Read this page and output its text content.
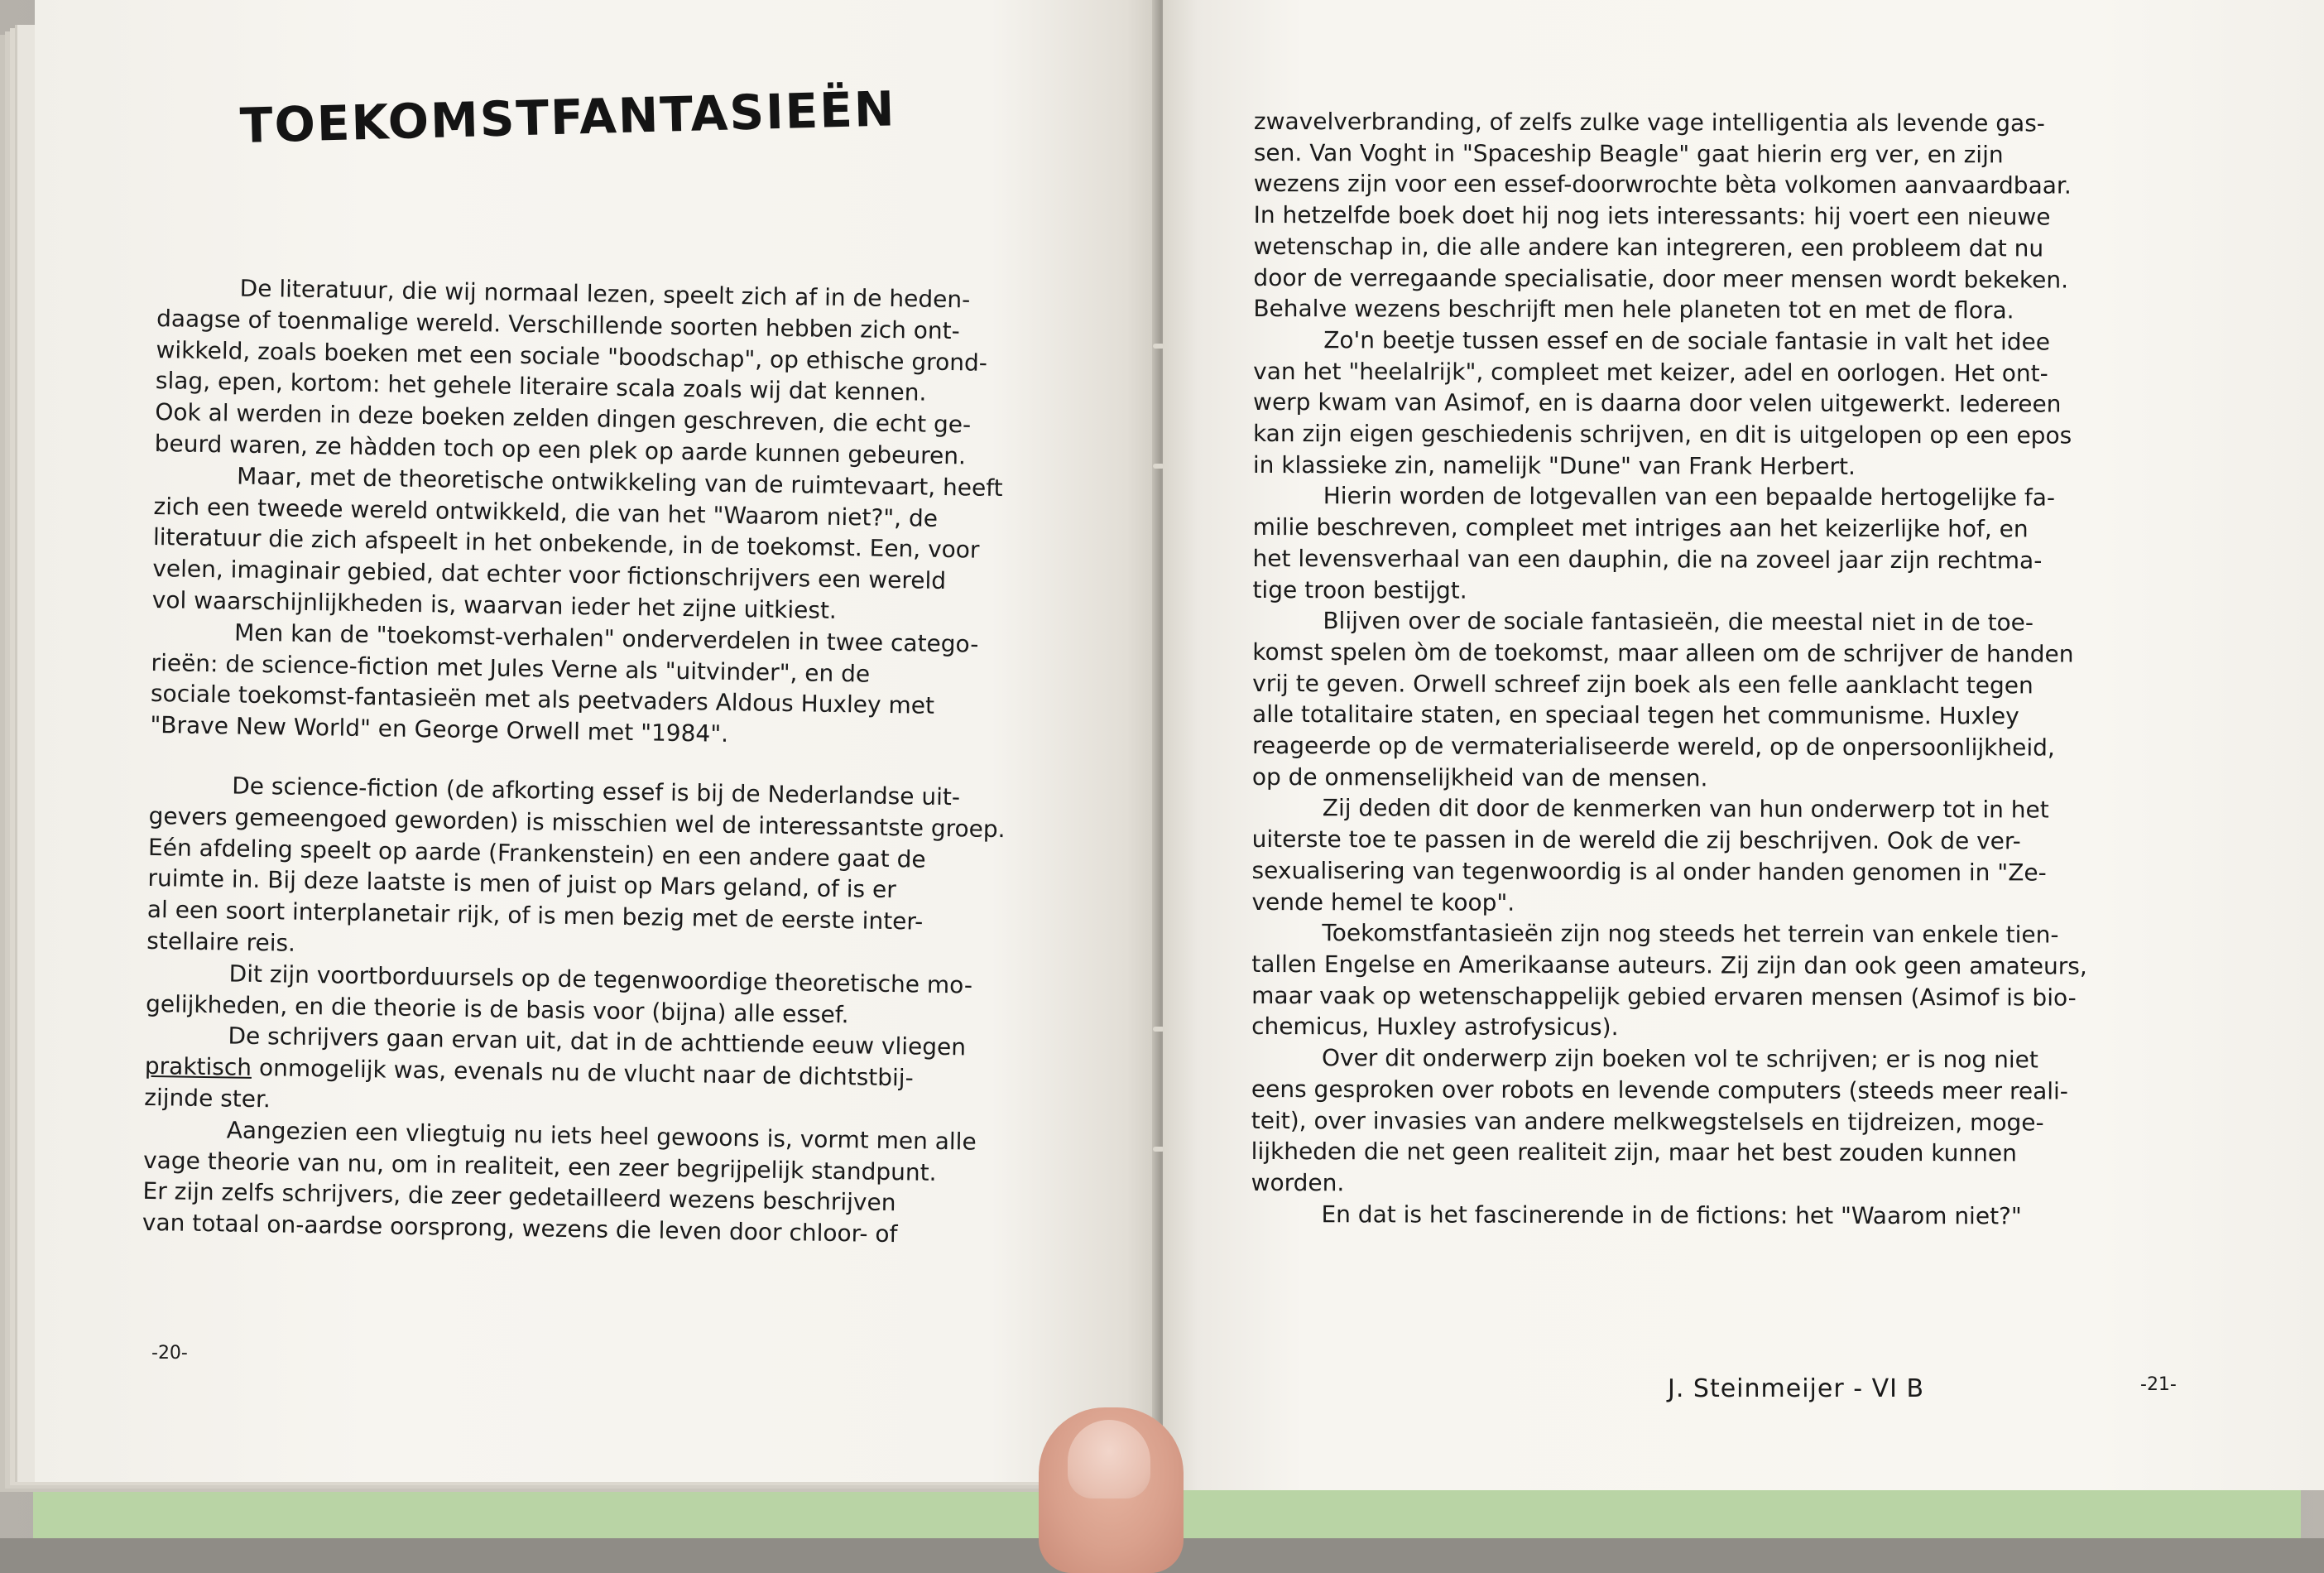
TOEKOMSTFANTASIEËN

De literatuur, die wij normaal lezen, speelt zich af in de heden-

daagse of toenmalige wereld. Verschillende soorten hebben zich ont-

wikkeld, zoals boeken met een sociale "boodschap", op ethische grond-

slag, epen, kortom: het gehele literaire scala zoals wij dat kennen.

Ook al werden in deze boeken zelden dingen geschreven, die echt ge-

beurd waren, ze hàdden toch op een plek op aarde kunnen gebeuren.

Maar, met de theoretische ontwikkeling van de ruimtevaart, heeft

zich een tweede wereld ontwikkeld, die van het "Waarom niet?", de

literatuur die zich afspeelt in het onbekende, in de toekomst. Een, voor

velen, imaginair gebied, dat echter voor fictionschrijvers een wereld

vol waarschijnlijkheden is, waarvan ieder het zijne uitkiest.

Men kan de "toekomst-verhalen" onderverdelen in twee catego-

rieën: de science-fiction met Jules Verne als "uitvinder", en de

sociale toekomst-fantasieën met als peetvaders Aldous Huxley met

"Brave New World" en George Orwell met "1984".

De science-fiction (de afkorting essef is bij de Nederlandse uit-

gevers gemeengoed geworden) is misschien wel de interessantste groep.

Eén afdeling speelt op aarde (Frankenstein) en een andere gaat de

ruimte in. Bij deze laatste is men of juist op Mars geland, of is er

al een soort interplanetair rijk, of is men bezig met de eerste inter-

stellaire reis.

Dit zijn voortborduursels op de tegenwoordige theoretische mo-

gelijkheden, en die theorie is de basis voor (bijna) alle essef.

De schrijvers gaan ervan uit, dat in de achttiende eeuw vliegen

praktisch onmogelijk was, evenals nu de vlucht naar de dichtstbij-

zijnde ster.

Aangezien een vliegtuig nu iets heel gewoons is, vormt men alle

vage theorie van nu, om in realiteit, een zeer begrijpelijk standpunt.

Er zijn zelfs schrijvers, die zeer gedetailleerd wezens beschrijven

van totaal on-aardse oorsprong, wezens die leven door chloor- of

-20-

zwavelverbranding, of zelfs zulke vage intelligentia als levende gas-

sen. Van Voght in "Spaceship Beagle" gaat hierin erg ver, en zijn

wezens zijn voor een essef-doorwrochte bèta volkomen aanvaardbaar.

In hetzelfde boek doet hij nog iets interessants: hij voert een nieuwe

wetenschap in, die alle andere kan integreren, een probleem dat nu

door de verregaande specialisatie, door meer mensen wordt bekeken.

Behalve wezens beschrijft men hele planeten tot en met de flora.

Zo'n beetje tussen essef en de sociale fantasie in valt het idee

van het "heelalrijk", compleet met keizer, adel en oorlogen. Het ont-

werp kwam van Asimof, en is daarna door velen uitgewerkt. Iedereen

kan zijn eigen geschiedenis schrijven, en dit is uitgelopen op een epos

in klassieke zin, namelijk "Dune" van Frank Herbert.

Hierin worden de lotgevallen van een bepaalde hertogelijke fa-

milie beschreven, compleet met intriges aan het keizerlijke hof, en

het levensverhaal van een dauphin, die na zoveel jaar zijn rechtma-

tige troon bestijgt.

Blijven over de sociale fantasieën, die meestal niet in de toe-

komst spelen òm de toekomst, maar alleen om de schrijver de handen

vrij te geven. Orwell schreef zijn boek als een felle aanklacht tegen

alle totalitaire staten, en speciaal tegen het communisme. Huxley

reageerde op de vermaterialiseerde wereld, op de onpersoonlijkheid,

op de onmenselijkheid van de mensen.

Zij deden dit door de kenmerken van hun onderwerp tot in het

uiterste toe te passen in de wereld die zij beschrijven. Ook de ver-

sexualisering van tegenwoordig is al onder handen genomen in "Ze-

vende hemel te koop".

Toekomstfantasieën zijn nog steeds het terrein van enkele tien-

tallen Engelse en Amerikaanse auteurs. Zij zijn dan ook geen amateurs,

maar vaak op wetenschappelijk gebied ervaren mensen (Asimof is bio-

chemicus, Huxley astrofysicus).

Over dit onderwerp zijn boeken vol te schrijven; er is nog niet

eens gesproken over robots en levende computers (steeds meer reali-

teit), over invasies van andere melkwegstelsels en tijdreizen, moge-

lijkheden die net geen realiteit zijn, maar het best zouden kunnen

worden.

En dat is het fascinerende in de fictions: het "Waarom niet?"

J. Steinmeijer - VI B	-21-
